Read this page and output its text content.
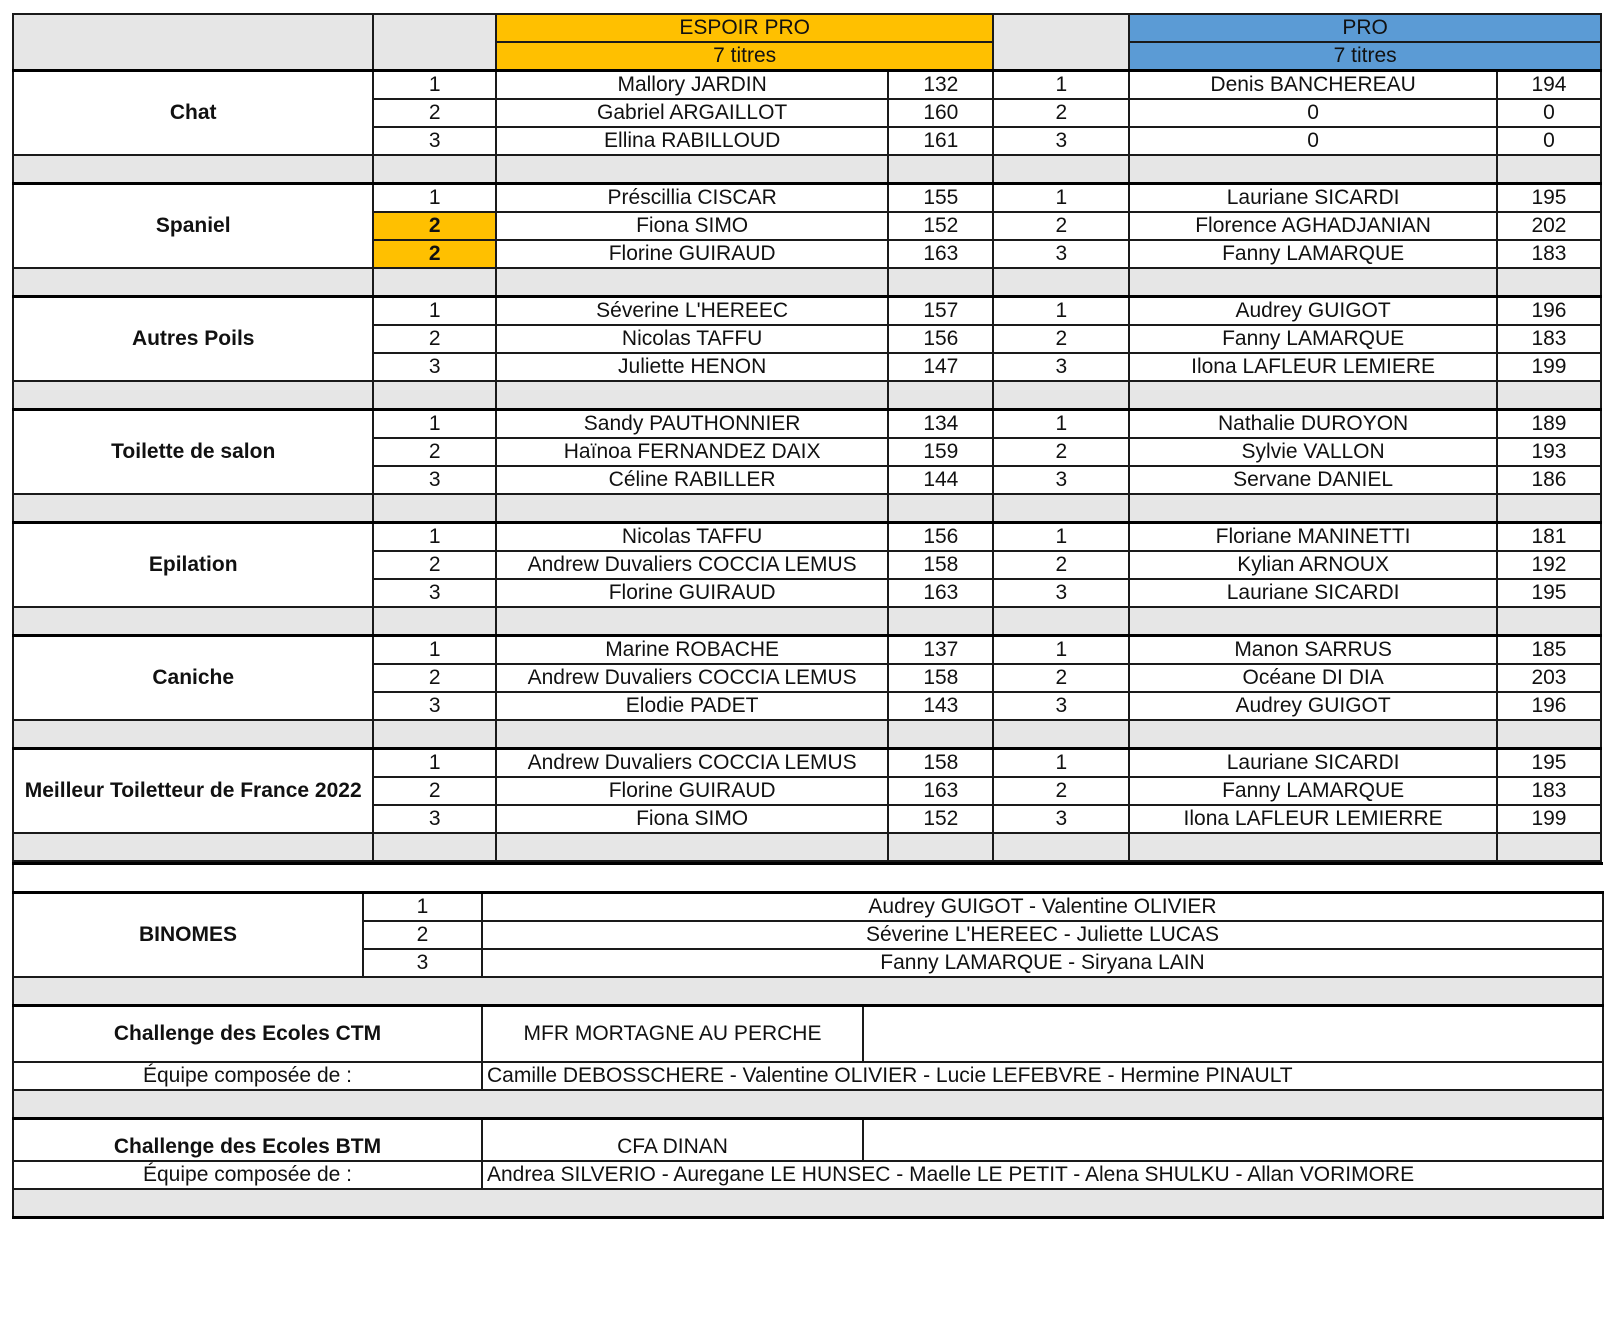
		ESPOIR PRO			PRO	
		7 titres			7 titres	
Chat	1	Mallory JARDIN	132	1	Denis BANCHEREAU	194
	2	Gabriel ARGAILLOT	160	2	0	0
	3	Ellina RABILLOUD	161	3	0	0

Spaniel	1	Préscillia CISCAR	155	1	Lauriane SICARDI	195
	2	Fiona SIMO	152	2	Florence AGHADJANIAN	202
	2	Florine GUIRAUD	163	3	Fanny LAMARQUE	183

Autres Poils	1	Séverine L'HEREEC	157	1	Audrey GUIGOT	196
	2	Nicolas TAFFU	156	2	Fanny LAMARQUE	183
	3	Juliette HENON	147	3	Ilona LAFLEUR LEMIERE	199

Toilette de salon	1	Sandy PAUTHONNIER	134	1	Nathalie DUROYON	189
	2	Haïnoa FERNANDEZ DAIX	159	2	Sylvie VALLON	193
	3	Céline RABILLER	144	3	Servane DANIEL	186

Epilation	1	Nicolas TAFFU	156	1	Floriane MANINETTI	181
	2	Andrew Duvaliers COCCIA LEMUS	158	2	Kylian ARNOUX	192
	3	Florine GUIRAUD	163	3	Lauriane SICARDI	195

Caniche	1	Marine ROBACHE	137	1	Manon SARRUS	185
	2	Andrew Duvaliers COCCIA LEMUS	158	2	Océane DI DIA	203
	3	Elodie PADET	143	3	Audrey GUIGOT	196

Meilleur Toiletteur de France 2022	1	Andrew Duvaliers COCCIA LEMUS	158	1	Lauriane SICARDI	195
	2	Florine GUIRAUD	163	2	Fanny LAMARQUE	183
	3	Fiona SIMO	152	3	Ilona LAFLEUR LEMIERRE	199

BINOMES	1	Audrey GUIGOT - Valentine OLIVIER	
	2	Séverine L'HEREEC - Juliette LUCAS	
	3	Fanny LAMARQUE - Siryana LAIN	

Challenge des Ecoles CTM		MFR MORTAGNE AU PERCHE	
Équipe composée de :		Camille DEBOSSCHERE - Valentine OLIVIER - Lucie LEFEBVRE - Hermine PINAULT	

Challenge des Ecoles BTM		CFA DINAN	
Équipe composée de :		Andrea SILVERIO - Auregane LE HUNSEC - Maelle LE PETIT - Alena SHULKU - Allan VORIMORE	
